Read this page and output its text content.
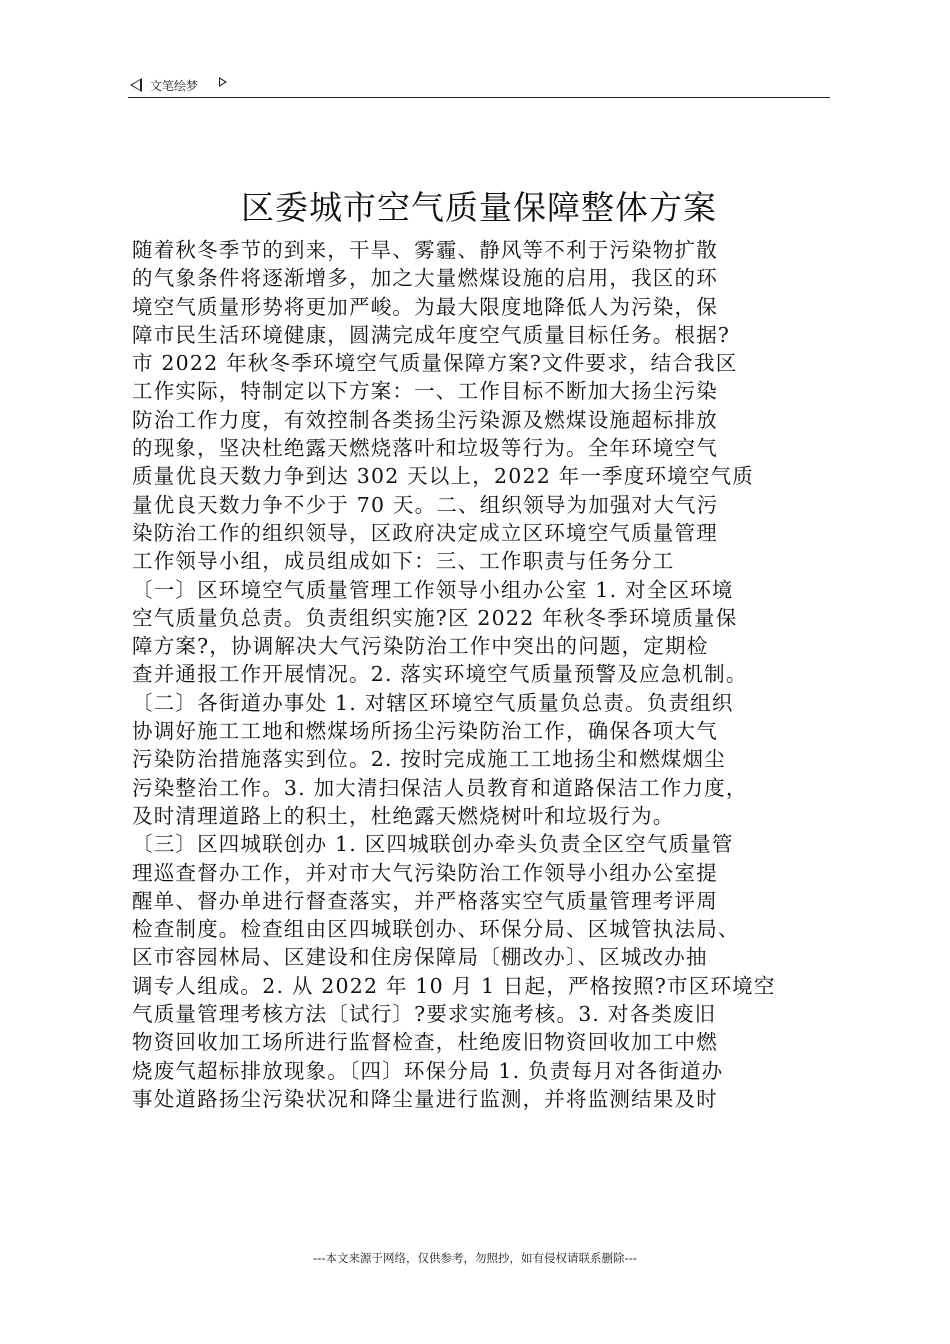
文笔绘梦
区委城市空气质量保障整体方案
随着秋冬季节的到来，干旱、雾霾、静风等不利于污染物扩散
的气象条件将逐渐增多，加之大量燃煤设施的启用，我区的环
境空气质量形势将更加严峻。为最大限度地降低人为污染，保
障市民生活环境健康，圆满完成年度空气质量目标任务。根据?
市 2022 年秋冬季环境空气质量保障方案?文件要求，结合我区
工作实际，特制定以下方案：一、工作目标不断加大扬尘污染
防治工作力度，有效控制各类扬尘污染源及燃煤设施超标排放
的现象，坚决杜绝露天燃烧落叶和垃圾等行为。全年环境空气
质量优良天数力争到达 302 天以上，2022 年一季度环境空气质
量优良天数力争不少于 70 天。二、组织领导为加强对大气污
染防治工作的组织领导，区政府决定成立区环境空气质量管理
工作领导小组，成员组成如下：三、工作职责与任务分工
〔一〕区环境空气质量管理工作领导小组办公室 1. 对全区环境
空气质量负总责。负责组织实施?区 2022 年秋冬季环境质量保
障方案?，协调解决大气污染防治工作中突出的问题，定期检
查并通报工作开展情况。2. 落实环境空气质量预警及应急机制。
〔二〕各街道办事处 1. 对辖区环境空气质量负总责。负责组织
协调好施工工地和燃煤场所扬尘污染防治工作，确保各项大气
污染防治措施落实到位。2. 按时完成施工工地扬尘和燃煤烟尘
污染整治工作。3. 加大清扫保洁人员教育和道路保洁工作力度，
及时清理道路上的积土，杜绝露天燃烧树叶和垃圾行为。
〔三〕区四城联创办 1. 区四城联创办牵头负责全区空气质量管
理巡查督办工作，并对市大气污染防治工作领导小组办公室提
醒单、督办单进行督查落实，并严格落实空气质量管理考评周
检查制度。检查组由区四城联创办、环保分局、区城管执法局、
区市容园林局、区建设和住房保障局〔棚改办〕、区城改办抽
调专人组成。2. 从 2022 年 10 月 1 日起，严格按照?市区环境空
气质量管理考核方法〔试行〕?要求实施考核。3. 对各类废旧
物资回收加工场所进行监督检查，杜绝废旧物资回收加工中燃
烧废气超标排放现象。〔四〕环保分局 1. 负责每月对各街道办
事处道路扬尘污染状况和降尘量进行监测，并将监测结果及时
---本文来源于网络，仅供参考，勿照抄，如有侵权请联系删除---
